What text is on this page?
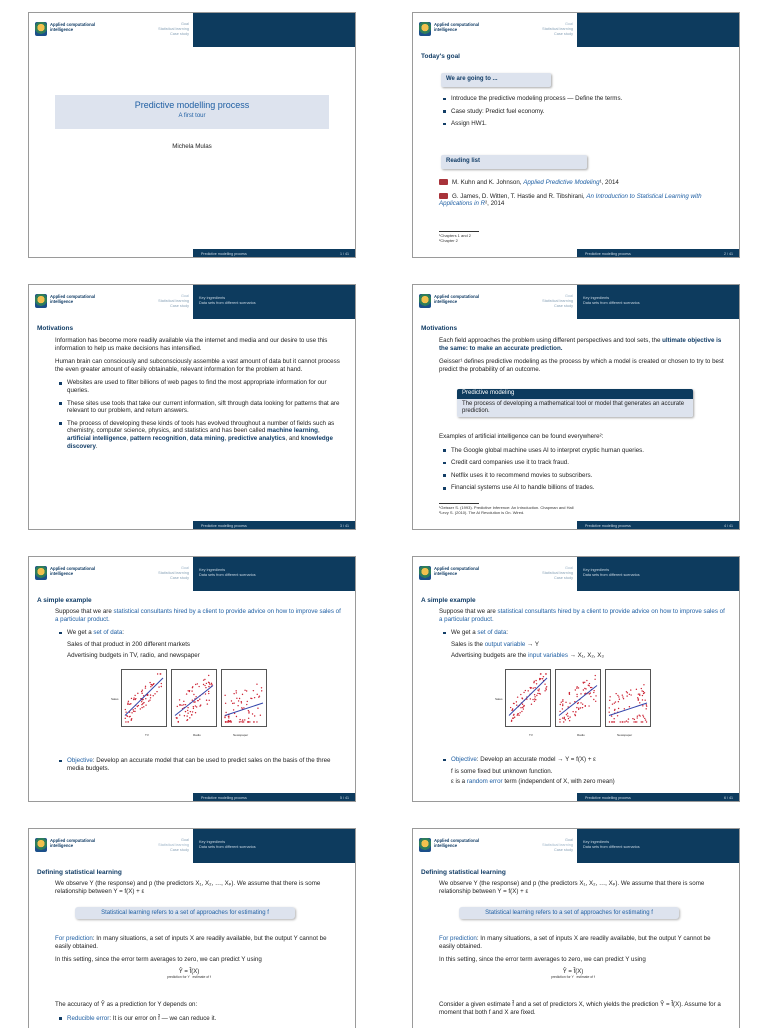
Applied computational
intelligence
Goal
Statistical learning
Case study
Predictive modelling process
A first tour
Michela Mulas
Predictive modelling process	1 / 41
Applied computational
intelligence
Goal
Statistical learning
Case study
Today's goal
We are going to ...
Introduce the predictive modeling process — Define the terms.
Case study: Predict fuel economy.
Assign HW1.
Reading list

M. Kuhn and K. Johnson, Applied Predictive Modeling¹, 2014

G. James, D. Witten, T. Hastie and R. Tibshirani, An Introduction to Statistical Learning with Applications in R², 2014

¹Chapters 1 and 2
²Chapter 2
Predictive modelling process	2 / 41
Applied computational
intelligence
Goal
Statistical learning
Case study
Key ingredients
Data sets from different scenarios
Motivations

Information has become more readily available via the internet and media and our desire to use this information to help us make decisions has intensified.

Human brain can consciously and subconsciously assemble a vast amount of data but it cannot process the even greater amount of easily obtainable, relevant information for the problem at hand.

Websites are used to filter billions of web pages to find the most appropriate information for our queries.
These sites use tools that take our current information, sift through data looking for patterns that are relevant to our problem, and return answers.
The process of developing these kinds of tools has evolved throughout a number of fields such as chemistry, computer science, physics, and statistics and has been called machine learning, artificial intelligence, pattern recognition, data mining, predictive analytics, and knowledge discovery.
Predictive modelling process	3 / 41
Applied computational
intelligence
Goal
Statistical learning
Case study
Key ingredients
Data sets from different scenarios
Motivations

Each field approaches the problem using different perspectives and tool sets, the ultimate objective is the same: to make an accurate prediction.

Geisser¹ defines predictive modeling as the process by which a model is created or chosen to try to best predict the probability of an outcome.

Predictive modeling
The process of developing a mathematical tool or model that generates an accurate prediction.

Examples of artificial intelligence can be found everywhere²:

The Google global machine uses AI to interpret cryptic human queries.
Credit card companies use it to track fraud.
Netflix uses it to recommend movies to subscribers.
Financial systems use AI to handle billions of trades.
¹Geisser S. (1993). Predictive Inference: An Introduction. Chapman and Hall
²Levy S. (2010). The AI Revolution is On. Wired.
Predictive modelling process	4 / 41
Applied computational
intelligence
Goal
Statistical learning
Case study
Key ingredients
Data sets from different scenarios
A simple example

Suppose that we are statistical consultants hired by a client to provide advice on how to improve sales of a particular product.

We get a set of data:
Sales of that product in 200 different markets
Advertising budgets in TV, radio, and newspaper
TV	Radio	Newspaper
Sales
Objective: Develop an accurate model that can be used to predict sales on the basis of the three media budgets.
Predictive modelling process	5 / 41
Applied computational
intelligence
Goal
Statistical learning
Case study
Key ingredients
Data sets from different scenarios
A simple example

Suppose that we are statistical consultants hired by a client to provide advice on how to improve sales of a particular product.

We get a set of data:
Sales is the output variable → Y
Advertising budgets are the input variables → X₁, X₂, X₃
TV	Radio	Newspaper
Sales
Objective: Develop an accurate model → Y = f(X) + ε
f is some fixed but unknown function.
ε is a random error term (independent of X, with zero mean)
Predictive modelling process	6 / 41
Applied computational
intelligence
Goal
Statistical learning
Case study
Key ingredients
Data sets from different scenarios
Defining statistical learning

We observe Y (the response) and p (the predictors X₁, X₂, …, Xₚ). We assume that there is some relationship between Y = f(X) + ε

Statistical learning refers to a set of approaches for estimating f

For prediction: In many situations, a set of inputs X are readily available, but the output Y cannot be easily obtained.

In this setting, since the error term averages to zero, we can predict Y using

Ŷ = f̂(X)
prediction for Y estimate of f

The accuracy of Ŷ as a prediction for Y depends on:

Reducible error: It is our error on f̂ — we can reduce it.
Applied computational
intelligence
Goal
Statistical learning
Case study
Key ingredients
Data sets from different scenarios
Defining statistical learning

We observe Y (the response) and p (the predictors X₁, X₂, …, Xₚ). We assume that there is some relationship between Y = f(X) + ε

Statistical learning refers to a set of approaches for estimating f

For prediction: In many situations, a set of inputs X are readily available, but the output Y cannot be easily obtained.

In this setting, since the error term averages to zero, we can predict Y using

Ŷ = f̂(X)
prediction for Y estimate of f

Consider a given estimate f̂ and a set of predictors X, which yields the prediction Ŷ = f̂(X). Assume for a moment that both f and X are fixed.
